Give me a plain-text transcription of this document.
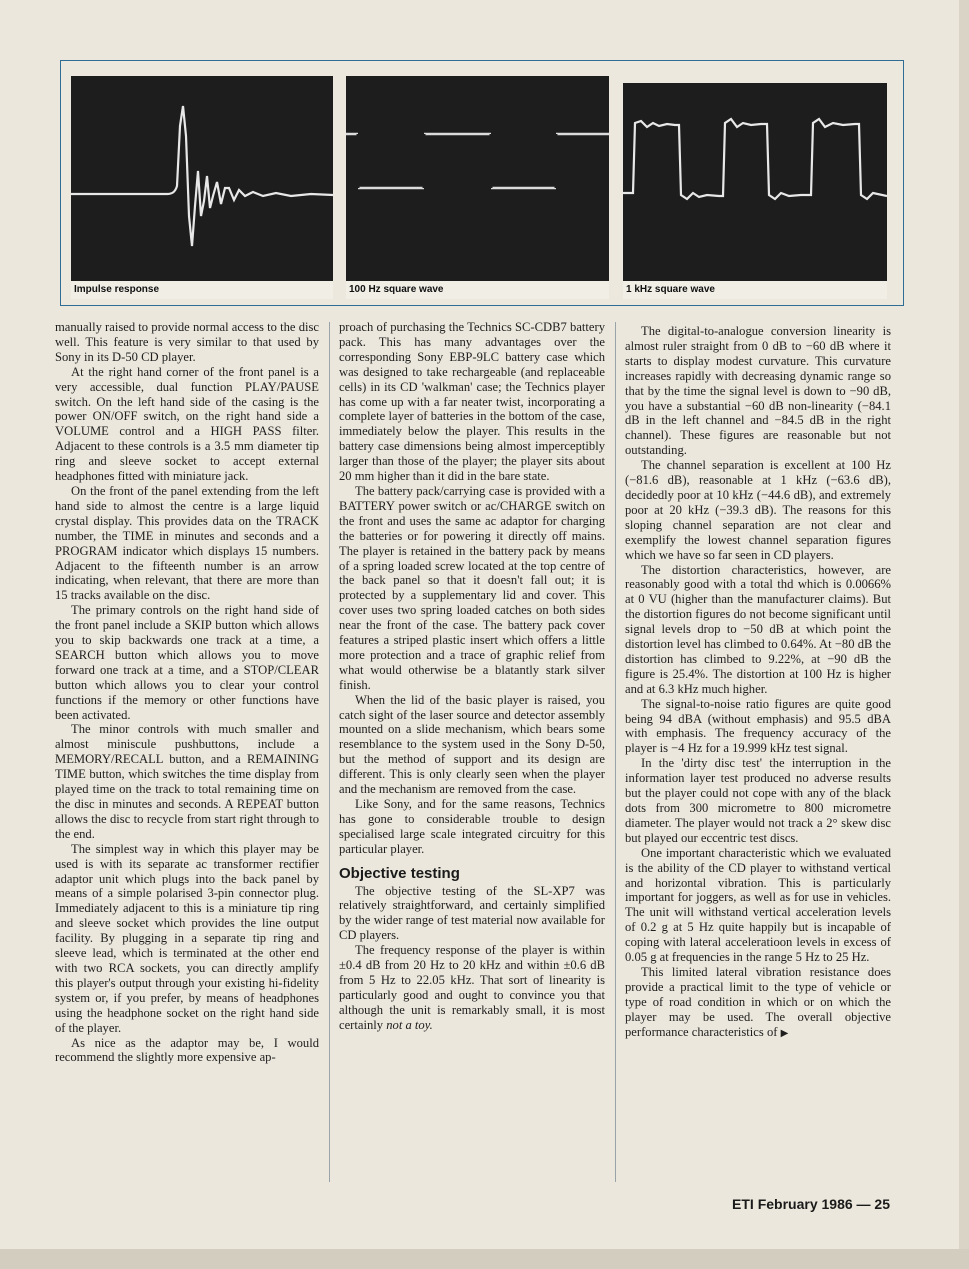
Impulse response	100 Hz square wave	1 kHz square wave

manually raised to provide normal access to the disc well. This feature is very similar to that used by Sony in its D-50 CD player.

At the right hand corner of the front panel is a very accessible, dual function PLAY/PAUSE switch. On the left hand side of the casing is the power ON/OFF switch, on the right hand side a VOLUME control and a HIGH PASS filter. Adjacent to these controls is a 3.5 mm diameter tip ring and sleeve socket to accept external headphones fitted with miniature jack.

On the front of the panel extending from the left hand side to almost the centre is a large liquid crystal display. This provides data on the TRACK number, the TIME in minutes and seconds and a PROGRAM indicator which displays 15 numbers. Adjacent to the fifteenth number is an arrow indicating, when relevant, that there are more than 15 tracks available on the disc.

The primary controls on the right hand side of the front panel include a SKIP button which allows you to skip backwards one track at a time, a SEARCH button which allows you to move forward one track at a time, and a STOP/CLEAR button which allows you to clear your control functions if the memory or other functions have been activated.

The minor controls with much smaller and almost miniscule pushbuttons, include a MEMORY/RECALL button, and a REMAINING TIME button, which switches the time display from played time on the track to total remaining time on the disc in minutes and seconds. A REPEAT button allows the disc to recycle from start right through to the end.

The simplest way in which this player may be used is with its separate ac transformer rectifier adaptor unit which plugs into the back panel by means of a simple polarised 3-pin connector plug. Immediately adjacent to this is a miniature tip ring and sleeve socket which provides the line output facility. By plugging in a separate tip ring and sleeve lead, which is terminated at the other end with two RCA sockets, you can directly amplify this player's output through your existing hi-fidelity system or, if you prefer, by means of headphones using the headphone socket on the right hand side of the player.

As nice as the adaptor may be, I would recommend the slightly more expensive ap-

proach of purchasing the Technics SC-CDB7 battery pack. This has many advantages over the corresponding Sony EBP-9LC battery case which was designed to take rechargeable (and replaceable cells) in its CD 'walkman' case; the Technics player has come up with a far neater twist, incorporating a complete layer of batteries in the bottom of the case, immediately below the player. This results in the battery case dimensions being almost imperceptibly larger than those of the player; the player sits about 20 mm higher than it did in the bare state.

The battery pack/carrying case is provided with a BATTERY power switch or ac/CHARGE switch on the front and uses the same ac adaptor for charging the batteries or for powering it directly off mains. The player is retained in the battery pack by means of a spring loaded screw located at the top centre of the back panel so that it doesn't fall out; it is protected by a supplementary lid and cover. This cover uses two spring loaded catches on both sides near the front of the case. The battery pack cover features a striped plastic insert which offers a little more protection and a trace of graphic relief from what would otherwise be a blatantly stark silver finish.

When the lid of the basic player is raised, you catch sight of the laser source and detector assembly mounted on a slide mechanism, which bears some resemblance to the system used in the Sony D-50, but the method of support and its design are different. This is only clearly seen when the player and the mechanism are removed from the case.

Like Sony, and for the same reasons, Technics has gone to considerable trouble to design specialised large scale integrated circuitry for this particular player.

Objective testing

The objective testing of the SL-XP7 was relatively straightforward, and certainly simplified by the wider range of test material now available for CD players.

The frequency response of the player is within ±0.4 dB from 20 Hz to 20 kHz and within ±0.6 dB from 5 Hz to 22.05 kHz. That sort of linearity is particularly good and ought to convince you that although the unit is remarkably small, it is most certainly not a toy.

The digital-to-analogue conversion linearity is almost ruler straight from 0 dB to −60 dB where it starts to display modest curvature. This curvature increases rapidly with decreasing dynamic range so that by the time the signal level is down to −90 dB, you have a substantial −60 dB non-linearity (−84.1 dB in the left channel and −84.5 dB in the right channel). These figures are reasonable but not outstanding.

The channel separation is excellent at 100 Hz (−81.6 dB), reasonable at 1 kHz (−63.6 dB), decidedly poor at 10 kHz (−44.6 dB), and extremely poor at 20 kHz (−39.3 dB). The reasons for this sloping channel separation are not clear and exemplify the lowest channel separation figures which we have so far seen in CD players.

The distortion characteristics, however, are reasonably good with a total thd which is 0.0066% at 0 VU (higher than the manufacturer claims). But the distortion figures do not become significant until signal levels drop to −50 dB at which point the distortion level has climbed to 0.64%. At −80 dB the distortion has climbed to 9.22%, at −90 dB the figure is 25.4%. The distortion at 100 Hz is higher and at 6.3 kHz much higher.

The signal-to-noise ratio figures are quite good being 94 dBA (without emphasis) and 95.5 dBA with emphasis. The frequency accuracy of the player is −4 Hz for a 19.999 kHz test signal.

In the 'dirty disc test' the interruption in the information layer test produced no adverse results but the player could not cope with any of the black dots from 300 micrometre to 800 micrometre diameter. The player would not track a 2° skew disc but played our eccentric test discs.

One important characteristic which we evaluated is the ability of the CD player to withstand vertical and horizontal vibration. This is particularly important for joggers, as well as for use in vehicles. The unit will withstand vertical acceleration levels of 0.2 g at 5 Hz quite happily but is incapable of coping with lateral acceleratioon levels in excess of 0.05 g at frequencies in the range 5 Hz to 25 Hz.

This limited lateral vibration resistance does provide a practical limit to the type of vehicle or type of road condition in which or on which the player may be used. The overall objective performance characteristics of ▶

ETI February 1986 — 25
